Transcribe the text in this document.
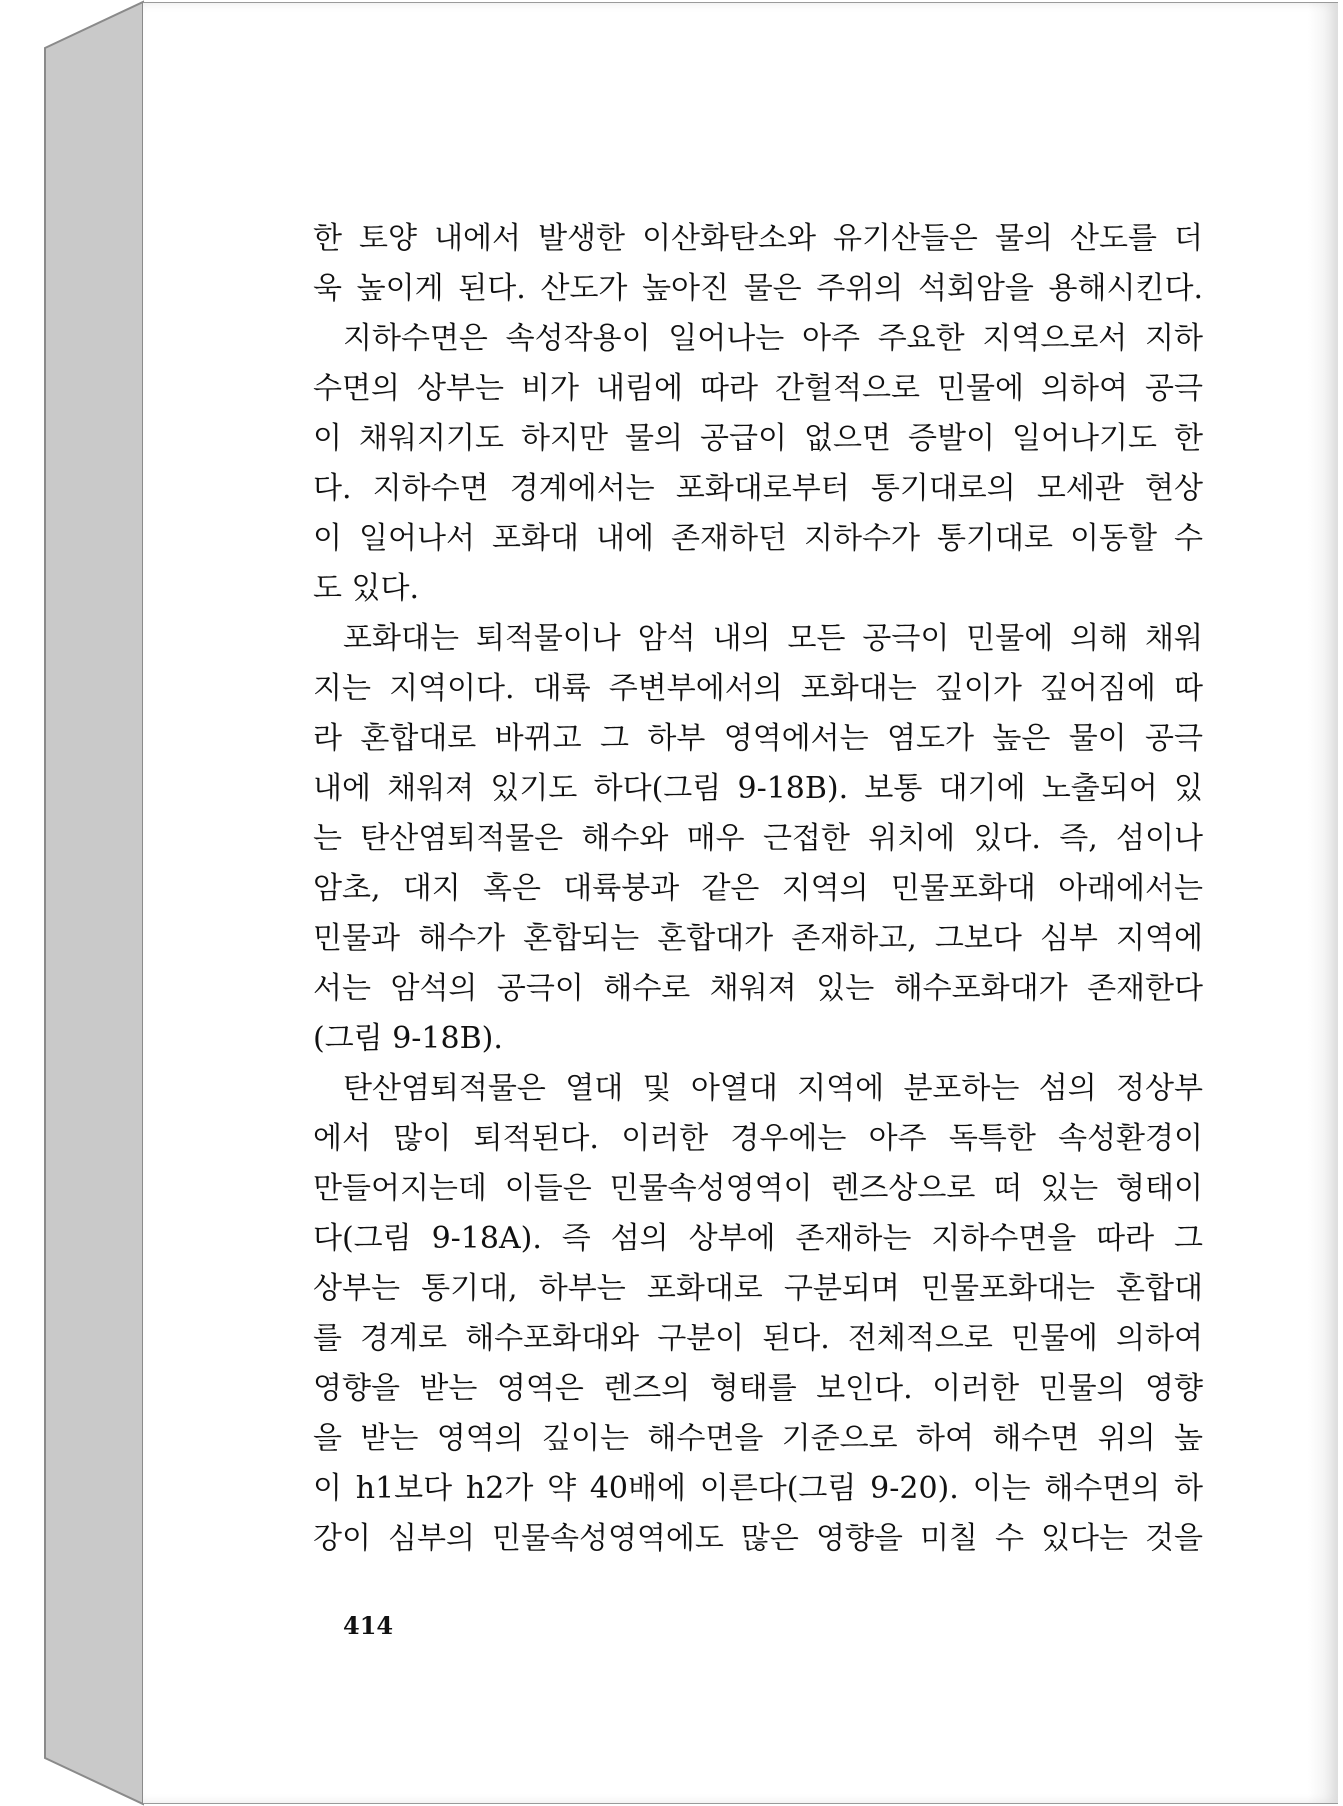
한 토양 내에서 발생한 이산화탄소와 유기산들은 물의 산도를 더
욱 높이게 된다. 산도가 높아진 물은 주위의 석회암을 용해시킨다.
지하수면은 속성작용이 일어나는 아주 주요한 지역으로서 지하
수면의 상부는 비가 내림에 따라 간헐적으로 민물에 의하여 공극
이 채워지기도 하지만 물의 공급이 없으면 증발이 일어나기도 한
다. 지하수면 경계에서는 포화대로부터 통기대로의 모세관 현상
이 일어나서 포화대 내에 존재하던 지하수가 통기대로 이동할 수
도 있다.
포화대는 퇴적물이나 암석 내의 모든 공극이 민물에 의해 채워
지는 지역이다. 대륙 주변부에서의 포화대는 깊이가 깊어짐에 따
라 혼합대로 바뀌고 그 하부 영역에서는 염도가 높은 물이 공극
내에 채워져 있기도 하다(그림 9-18B). 보통 대기에 노출되어 있
는 탄산염퇴적물은 해수와 매우 근접한 위치에 있다. 즉, 섬이나
암초, 대지 혹은 대륙붕과 같은 지역의 민물포화대 아래에서는
민물과 해수가 혼합되는 혼합대가 존재하고, 그보다 심부 지역에
서는 암석의 공극이 해수로 채워져 있는 해수포화대가 존재한다
(그림 9-18B).
탄산염퇴적물은 열대 및 아열대 지역에 분포하는 섬의 정상부
에서 많이 퇴적된다. 이러한 경우에는 아주 독특한 속성환경이
만들어지는데 이들은 민물속성영역이 렌즈상으로 떠 있는 형태이
다(그림 9-18A). 즉 섬의 상부에 존재하는 지하수면을 따라 그
상부는 통기대, 하부는 포화대로 구분되며 민물포화대는 혼합대
를 경계로 해수포화대와 구분이 된다. 전체적으로 민물에 의하여
영향을 받는 영역은 렌즈의 형태를 보인다. 이러한 민물의 영향
을 받는 영역의 깊이는 해수면을 기준으로 하여 해수면 위의 높
이 h1보다 h2가 약 40배에 이른다(그림 9-20). 이는 해수면의 하
강이 심부의 민물속성영역에도 많은 영향을 미칠 수 있다는 것을
414
